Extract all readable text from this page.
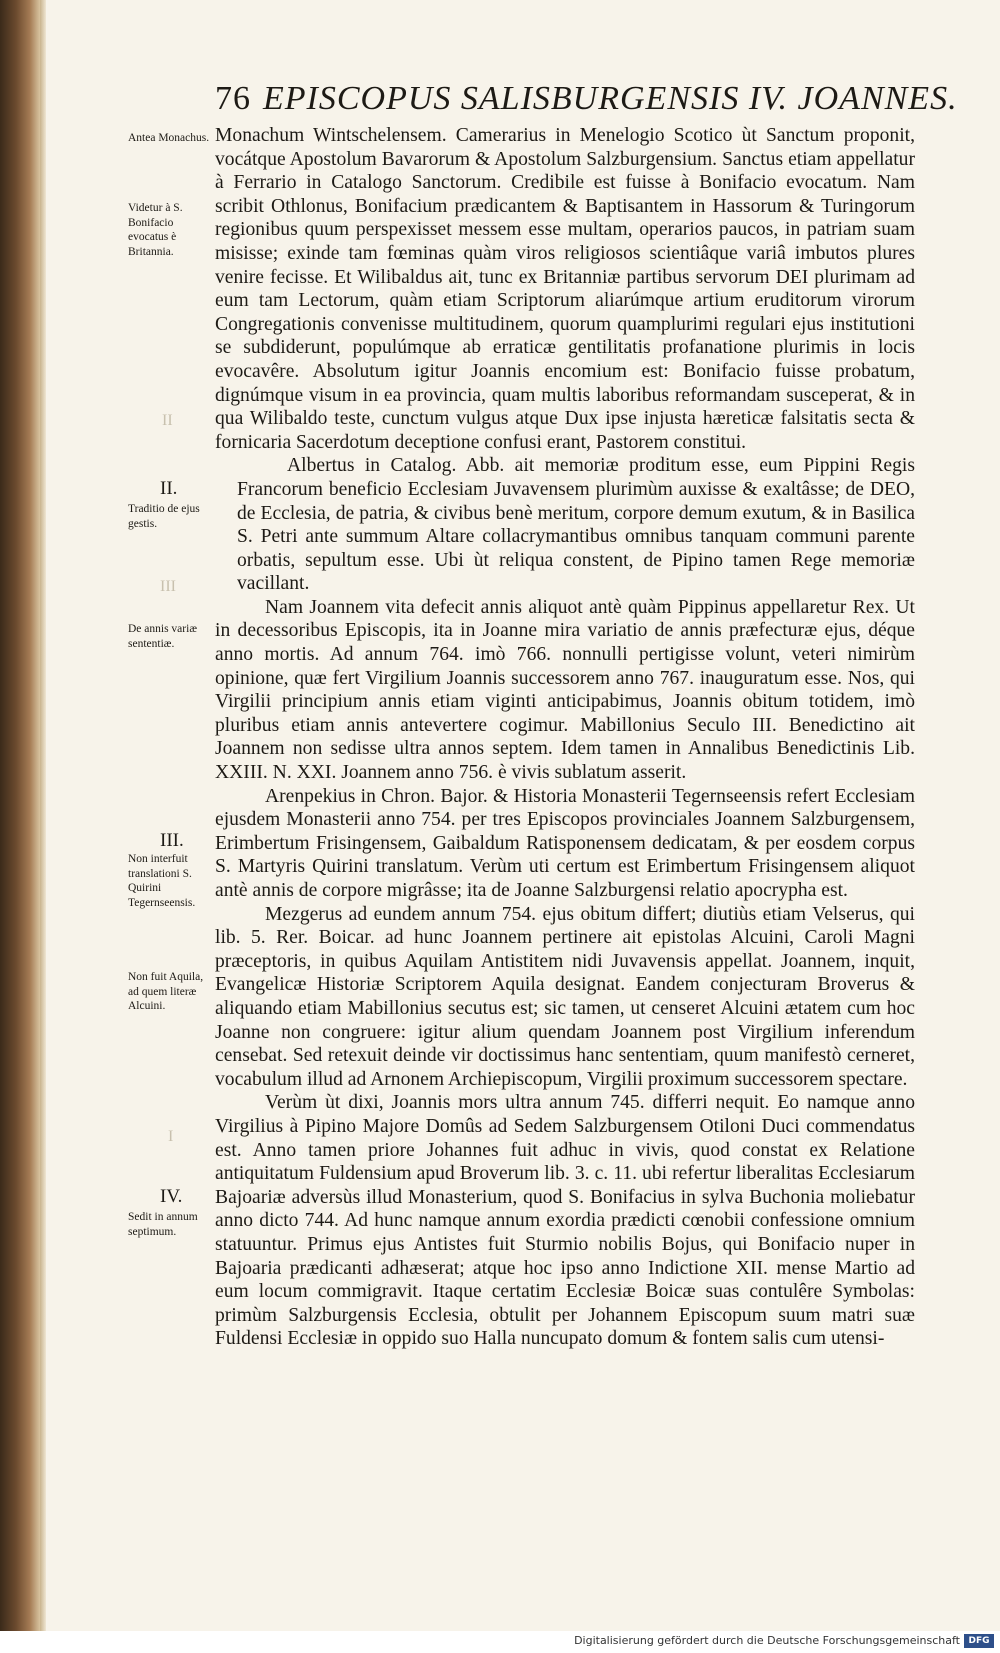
II
III
I
76 EPISCOPUS SALISBURGENSIS IV. JOANNES.
II.
III.
IV.
Antea Monachus.
Videtur à S. Bonifacio evocatus è Britannia.
Traditio de ejus gestis.
De annis variæ sententiæ.
Non interfuit translationi S. Quirini Tegernseensis.
Non fuit Aquila, ad quem literæ Alcuini.
Sedit in annum septimum.

Monachum Wintschelensem. Camerarius in Menelogio Scotico ùt Sanctum proponit, vocátque Apostolum Bavarorum & Apostolum Salzburgensium. Sanctus etiam appellatur à Ferrario in Catalogo Sanctorum. Credibile est fuisse à Bonifacio evocatum. Nam scribit Othlonus, Bonifacium prædicantem & Baptisantem in Hassorum & Turingorum regionibus quum perspexisset messem esse multam, operarios paucos, in patriam suam misisse; exinde tam fœminas quàm viros religiosos scientiâque variâ imbutos plures venire fecisse. Et Wilibaldus ait, tunc ex Britanniæ partibus servorum DEI plurimam ad eum tam Lectorum, quàm etiam Scriptorum aliarúmque artium eruditorum virorum Congregationis convenisse multitudinem, quorum quamplurimi regulari ejus institutioni se subdiderunt, populúmque ab erraticæ gentilitatis profanatione plurimis in locis evocavêre. Absolutum igitur Joannis encomium est: Bonifacio fuisse probatum, dignúmque visum in ea provincia, quam multis laboribus reformandam susceperat, & in qua Wilibaldo teste, cunctum vulgus atque Dux ipse injusta hæreticæ falsitatis secta & fornicaria Sacerdotum deceptione confusi erant, Pastorem constitui.

Albertus in Catalog. Abb. ait memoriæ proditum esse, eum Pippini Regis Francorum beneficio Ecclesiam Juvavensem plurimùm auxisse & exaltâsse; de DEO, de Ecclesia, de patria, & civibus benè meritum, corpore demum exutum, & in Basilica S. Petri ante summum Altare collacrymantibus omnibus tanquam communi parente orbatis, sepultum esse. Ubi ùt reliqua constent, de Pipino tamen Rege memoriæ vacillant.

Nam Joannem vita defecit annis aliquot antè quàm Pippinus appellaretur Rex. Ut in decessoribus Episcopis, ita in Joanne mira variatio de annis præfecturæ ejus, déque anno mortis. Ad annum 764. imò 766. nonnulli pertigisse volunt, veteri nimirùm opinione, quæ fert Virgilium Joannis successorem anno 767. inauguratum esse. Nos, qui Virgilii principium annis etiam viginti anticipabimus, Joannis obitum totidem, imò pluribus etiam annis antevertere cogimur. Mabillonius Seculo III. Benedictino ait Joannem non sedisse ultra annos septem. Idem tamen in Annalibus Benedictinis Lib. XXIII. N. XXI. Joannem anno 756. è vivis sublatum asserit.

Arenpekius in Chron. Bajor. & Historia Monasterii Tegernseensis refert Ecclesiam ejusdem Monasterii anno 754. per tres Episcopos provinciales Joannem Salzburgensem, Erimbertum Frisingensem, Gaibaldum Ratisponensem dedicatam, & per eosdem corpus S. Martyris Quirini translatum. Verùm uti certum est Erimbertum Frisingensem aliquot antè annis de corpore migrâsse; ita de Joanne Salzburgensi relatio apocrypha est.

Mezgerus ad eundem annum 754. ejus obitum differt; diutiùs etiam Velserus, qui lib. 5. Rer. Boicar. ad hunc Joannem pertinere ait epistolas Alcuini, Caroli Magni præceptoris, in quibus Aquilam Antistitem nidi Juvavensis appellat. Joannem, inquit, Evangelicæ Historiæ Scriptorem Aquila designat. Eandem conjecturam Broverus & aliquando etiam Mabillonius secutus est; sic tamen, ut censeret Alcuini ætatem cum hoc Joanne non congruere: igitur alium quendam Joannem post Virgilium inferendum censebat. Sed retexuit deinde vir doctissimus hanc sententiam, quum manifestò cerneret, vocabulum illud ad Arnonem Archiepiscopum, Virgilii proximum successorem spectare.

Verùm ùt dixi, Joannis mors ultra annum 745. differri nequit. Eo namque anno Virgilius à Pipino Majore Domûs ad Sedem Salzburgensem Otiloni Duci commendatus est. Anno tamen priore Johannes fuit adhuc in vivis, quod constat ex Relatione antiquitatum Fuldensium apud Broverum lib. 3. c. 11. ubi refertur liberalitas Ecclesiarum Bajoariæ adversùs illud Monasterium, quod S. Bonifacius in sylva Buchonia moliebatur anno dicto 744. Ad hunc namque annum exordia prædicti cœnobii confessione omnium statuuntur. Primus ejus Antistes fuit Sturmio nobilis Bojus, qui Bonifacio nuper in Bajoaria prædicanti adhæserat; atque hoc ipso anno Indictione XII. mense Martio ad eum locum commigravit. Itaque certatim Ecclesiæ Boicæ suas contulêre Symbolas: primùm Salzburgensis Ecclesia, obtulit per Johannem Episcopum suum matri suæ Fuldensi Ecclesiæ in oppido suo Halla nuncupato domum & fontem salis cum utensi-

Digitalisierung gefördert durch die Deutsche Forschungsgemeinschaft DFG
